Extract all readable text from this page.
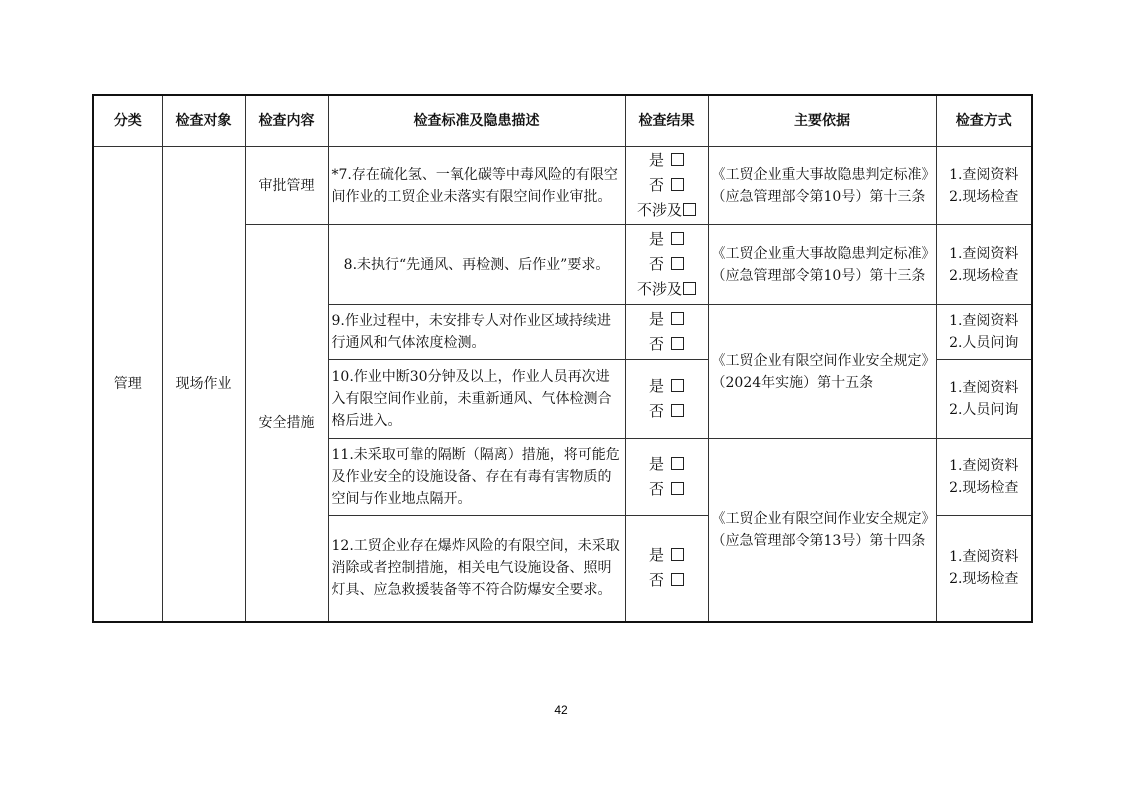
分类	检查对象	检查内容	检查标准及隐患描述	检查结果	主要依据	检查方式
管理	现场作业	审批管理	*7.存在硫化氢、一氧化碳等中毒风险的有限空间作业的工贸企业未落实有限空间作业审批。	是
否
不涉及	《工贸企业重大事故隐患判定标准》（应急管理部令第10号）第十三条	1.查阅资料
2.现场检查

		安全措施	8.未执行“先通风、再检测、后作业”要求。	是
否
不涉及	《工贸企业重大事故隐患判定标准》（应急管理部令第10号）第十三条	1.查阅资料
2.现场检查

			9.作业过程中，未安排专人对作业区域持续进行通风和气体浓度检测。	是
否	《工贸企业有限空间作业安全规定》（2024年实施）第十五条	1.查阅资料
2.人员问询

			10.作业中断30分钟及以上，作业人员再次进入有限空间作业前，未重新通风、气体检测合格后进入。	是
否		1.查阅资料
2.人员问询

			11.未采取可靠的隔断（隔离）措施，将可能危及作业安全的设施设备、存在有毒有害物质的空间与作业地点隔开。	是
否	《工贸企业有限空间作业安全规定》（应急管理部令第13号）第十四条	1.查阅资料
2.现场检查

			12.工贸企业存在爆炸风险的有限空间，未采取消除或者控制措施，相关电气设施设备、照明灯具、应急救援装备等不符合防爆安全要求。	是
否		1.查阅资料
2.现场检查
42
